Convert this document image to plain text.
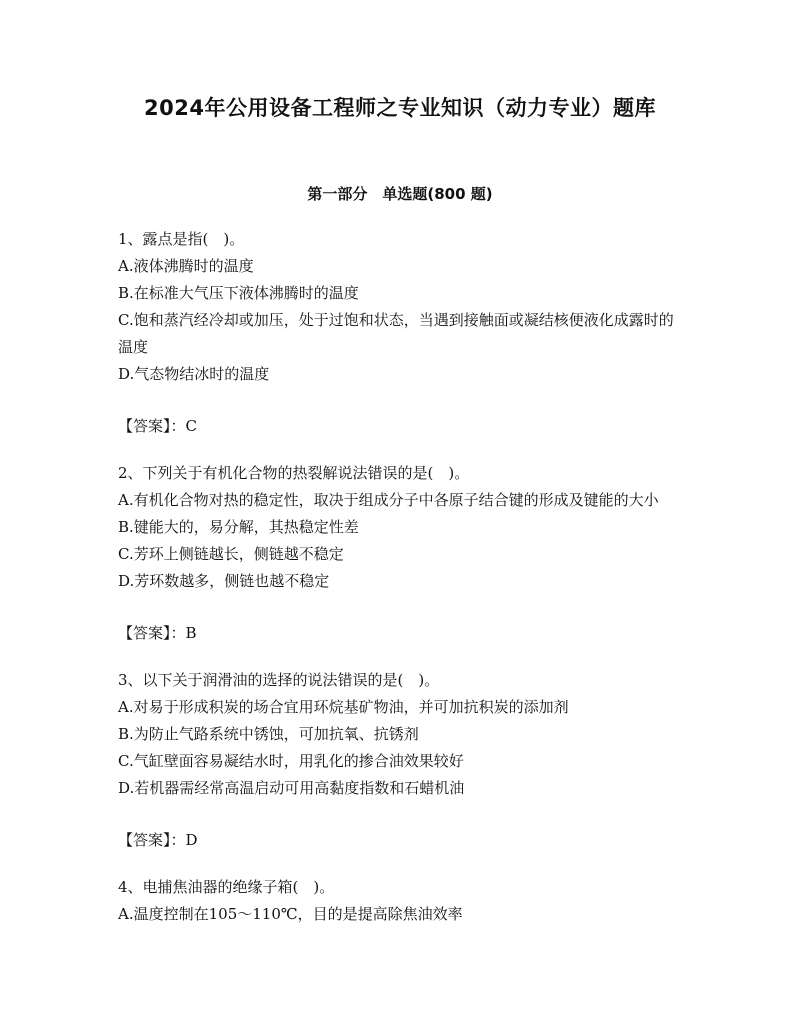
2024年公用设备工程师之专业知识（动力专业）题库
第一部分　单选题(800 题)

1、露点是指(　)。

A.液体沸腾时的温度

B.在标准大气压下液体沸腾时的温度

C.饱和蒸汽经冷却或加压，处于过饱和状态，当遇到接触面或凝结核便液化成露时的温度

D.气态物结冰时的温度

【答案】：C

2、下列关于有机化合物的热裂解说法错误的是(　)。

A.有机化合物对热的稳定性，取决于组成分子中各原子结合键的形成及键能的大小

B.键能大的，易分解，其热稳定性差

C.芳环上侧链越长，侧链越不稳定

D.芳环数越多，侧链也越不稳定

【答案】：B

3、以下关于润滑油的选择的说法错误的是(　)。

A.对易于形成积炭的场合宜用环烷基矿物油，并可加抗积炭的添加剂

B.为防止气路系统中锈蚀，可加抗氧、抗锈剂

C.气缸壁面容易凝结水时，用乳化的掺合油效果较好

D.若机器需经常高温启动可用高黏度指数和石蜡机油

【答案】：D

4、电捕焦油器的绝缘子箱(　)。

A.温度控制在105～110℃，目的是提高除焦油效率
